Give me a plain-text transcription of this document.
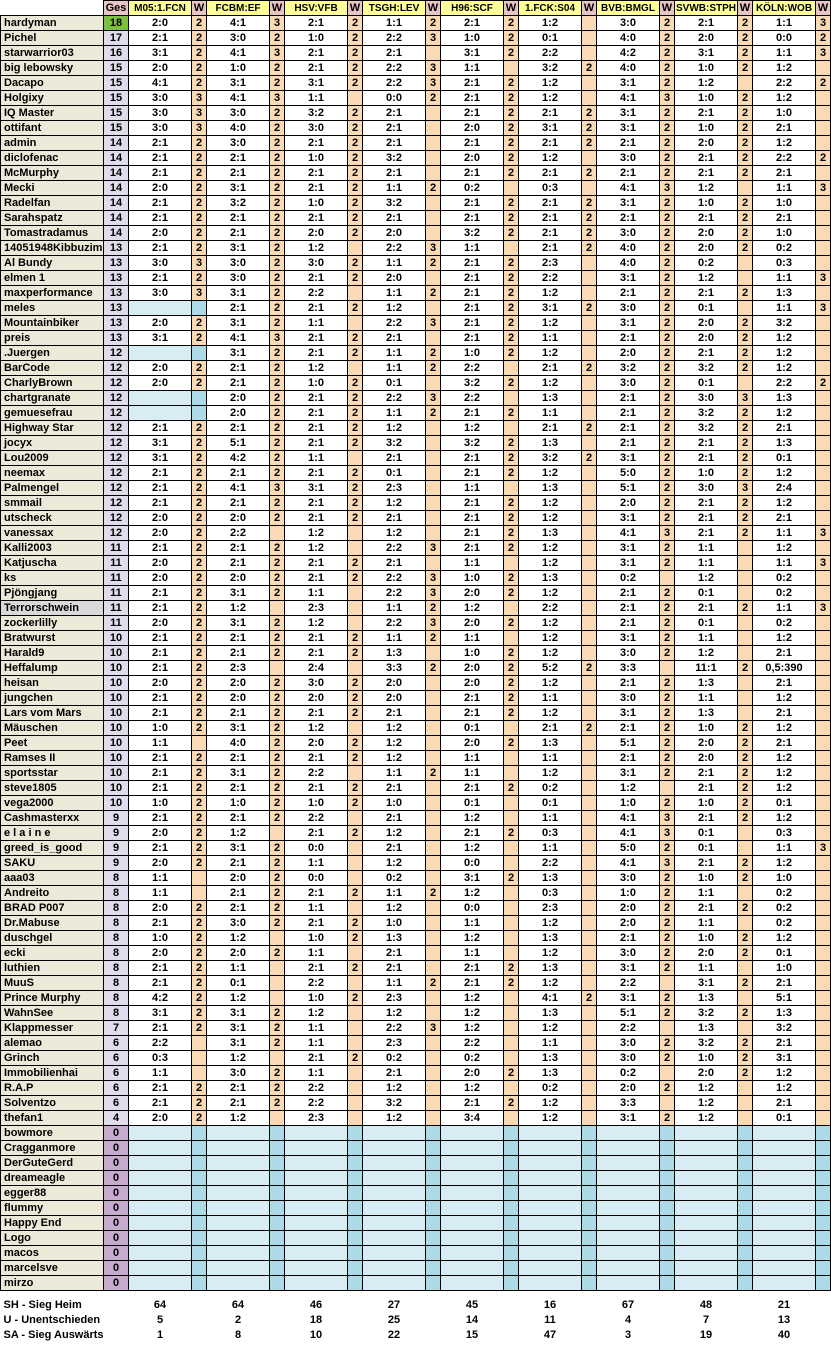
	Ges	M05:1.FCN	W	FCBM:EF	W	HSV:VFB	W	TSGH:LEV	W	H96:SCF	W	1.FCK:S04	W	BVB:BMGL	W	SVWB:STPH	W	KÖLN:WOB	W
hardyman	18	2:0	2	4:1	3	2:1	2	1:1	2	2:1	2	1:2		3:0	2	2:1	2	1:1	3
Pichel	17	2:1	2	3:0	2	1:0	2	2:2	3	1:0	2	0:1		4:0	2	2:0	2	0:0	2
starwarrior03	16	3:1	2	4:1	3	2:1	2	2:1		3:1	2	2:2		4:2	2	3:1	2	1:1	3
big lebowsky	15	2:0	2	1:0	2	2:1	2	2:2	3	1:1		3:2	2	4:0	2	1:0	2	1:2	
Dacapo	15	4:1	2	3:1	2	3:1	2	2:2	3	2:1	2	1:2		3:1	2	1:2		2:2	2
Holgixy	15	3:0	3	4:1	3	1:1		0:0	2	2:1	2	1:2		4:1	3	1:0	2	1:2	
IQ Master	15	3:0	3	3:0	2	3:2	2	2:1		2:1	2	2:1	2	3:1	2	2:1	2	1:0	
ottifant	15	3:0	3	4:0	2	3:0	2	2:1		2:0	2	3:1	2	3:1	2	1:0	2	2:1	
admin	14	2:1	2	3:0	2	2:1	2	2:1		2:1	2	2:1	2	2:1	2	2:0	2	1:2	
diclofenac	14	2:1	2	2:1	2	1:0	2	3:2		2:0	2	1:2		3:0	2	2:1	2	2:2	2
McMurphy	14	2:1	2	2:1	2	2:1	2	2:1		2:1	2	2:1	2	2:1	2	2:1	2	2:1	
Mecki	14	2:0	2	3:1	2	2:1	2	1:1	2	0:2		0:3		4:1	3	1:2		1:1	3
Radelfan	14	2:1	2	3:2	2	1:0	2	3:2		2:1	2	2:1	2	3:1	2	1:0	2	1:0	
Sarahspatz	14	2:1	2	2:1	2	2:1	2	2:1		2:1	2	2:1	2	2:1	2	2:1	2	2:1	
Tomastradamus	14	2:0	2	2:1	2	2:0	2	2:0		3:2	2	2:1	2	3:0	2	2:0	2	1:0	
14051948Kibbuzim	13	2:1	2	3:1	2	1:2		2:2	3	1:1		2:1	2	4:0	2	2:0	2	0:2	
Al Bundy	13	3:0	3	3:0	2	3:0	2	1:1	2	2:1	2	2:3		4:0	2	0:2		0:3	
elmen 1	13	2:1	2	3:0	2	2:1	2	2:0		2:1	2	2:2		3:1	2	1:2		1:1	3
maxperformance	13	3:0	3	3:1	2	2:2		1:1	2	2:1	2	1:2		2:1	2	2:1	2	1:3	
meles	13			2:1	2	2:1	2	1:2		2:1	2	3:1	2	3:0	2	0:1		1:1	3
Mountainbiker	13	2:0	2	3:1	2	1:1		2:2	3	2:1	2	1:2		3:1	2	2:0	2	3:2	
preis	13	3:1	2	4:1	3	2:1	2	2:1		2:1	2	1:1		2:1	2	2:0	2	1:2	
.Juergen	12			3:1	2	2:1	2	1:1	2	1:0	2	1:2		2:0	2	2:1	2	1:2	
BarCode	12	2:0	2	2:1	2	1:2		1:1	2	2:2		2:1	2	3:2	2	3:2	2	1:2	
CharlyBrown	12	2:0	2	2:1	2	1:0	2	0:1		3:2	2	1:2		3:0	2	0:1		2:2	2
chartgranate	12			2:0	2	2:1	2	2:2	3	2:2		1:3		2:1	2	3:0	3	1:3	
gemuesefrau	12			2:0	2	2:1	2	1:1	2	2:1	2	1:1		2:1	2	3:2	2	1:2	
Highway Star	12	2:1	2	2:1	2	2:1	2	1:2		1:2		2:1	2	2:1	2	3:2	2	2:1	
jocyx	12	3:1	2	5:1	2	2:1	2	3:2		3:2	2	1:3		2:1	2	2:1	2	1:3	
Lou2009	12	3:1	2	4:2	2	1:1		2:1		2:1	2	3:2	2	3:1	2	2:1	2	0:1	
neemax	12	2:1	2	2:1	2	2:1	2	0:1		2:1	2	1:2		5:0	2	1:0	2	1:2	
Palmengel	12	2:1	2	4:1	3	3:1	2	2:3		1:1		1:3		5:1	2	3:0	3	2:4	
smmail	12	2:1	2	2:1	2	2:1	2	1:2		2:1	2	1:2		2:0	2	2:1	2	1:2	
utscheck	12	2:0	2	2:0	2	2:1	2	2:1		2:1	2	1:2		3:1	2	2:1	2	2:1	
vanessax	12	2:0	2	2:2		1:2		1:2		2:1	2	1:3		4:1	3	2:1	2	1:1	3
Kalli2003	11	2:1	2	2:1	2	1:2		2:2	3	2:1	2	1:2		3:1	2	1:1		1:2	
Katjuscha	11	2:0	2	2:1	2	2:1	2	2:1		1:1		1:2		3:1	2	1:1		1:1	3
ks	11	2:0	2	2:0	2	2:1	2	2:2	3	1:0	2	1:3		0:2		1:2		0:2	
Pjöngjang	11	2:1	2	3:1	2	1:1		2:2	3	2:0	2	1:2		2:1	2	0:1		0:2	
Terrorschwein	11	2:1	2	1:2		2:3		1:1	2	1:2		2:2		2:1	2	2:1	2	1:1	3
zockerlilly	11	2:0	2	3:1	2	1:2		2:2	3	2:0	2	1:2		2:1	2	0:1		0:2	
Bratwurst	10	2:1	2	2:1	2	2:1	2	1:1	2	1:1		1:2		3:1	2	1:1		1:2	
Harald9	10	2:1	2	2:1	2	2:1	2	1:3		1:0	2	1:2		3:0	2	1:2		2:1	
Heffalump	10	2:1	2	2:3		2:4		3:3	2	2:0	2	5:2	2	3:3		11:1	2	0,5:390	
heisan	10	2:0	2	2:0	2	3:0	2	2:0		2:0	2	1:2		2:1	2	1:3		2:1	
jungchen	10	2:1	2	2:0	2	2:0	2	2:0		2:1	2	1:1		3:0	2	1:1		1:2	
Lars vom Mars	10	2:1	2	2:1	2	2:1	2	2:1		2:1	2	1:2		3:1	2	1:3		2:1	
Mäuschen	10	1:0	2	3:1	2	1:2		1:2		0:1		2:1	2	2:1	2	1:0	2	1:2	
Peet	10	1:1		4:0	2	2:0	2	1:2		2:0	2	1:3		5:1	2	2:0	2	2:1	
Ramses II	10	2:1	2	2:1	2	2:1	2	1:2		1:1		1:1		2:1	2	2:0	2	1:2	
sportsstar	10	2:1	2	3:1	2	2:2		1:1	2	1:1		1:2		3:1	2	2:1	2	1:2	
steve1805	10	2:1	2	2:1	2	2:1	2	2:1		2:1	2	0:2		1:2		2:1	2	1:2	
vega2000	10	1:0	2	1:0	2	1:0	2	1:0		0:1		0:1		1:0	2	1:0	2	0:1	
Cashmasterxx	9	2:1	2	2:1	2	2:2		2:1		1:2		1:1		4:1	3	2:1	2	1:2	
e l a i n e	9	2:0	2	1:2		2:1	2	1:2		2:1	2	0:3		4:1	3	0:1		0:3	
greed_is_good	9	2:1	2	3:1	2	0:0		2:1		1:2		1:1		5:0	2	0:1		1:1	3
SAKU	9	2:0	2	2:1	2	1:1		1:2		0:0		2:2		4:1	3	2:1	2	1:2	
aaa03	8	1:1		2:0	2	0:0		0:2		3:1	2	1:3		3:0	2	1:0	2	1:0	
Andreito	8	1:1		2:1	2	2:1	2	1:1	2	1:2		0:3		1:0	2	1:1		0:2	
BRAD P007	8	2:0	2	2:1	2	1:1		1:2		0:0		2:3		2:0	2	2:1	2	0:2	
Dr.Mabuse	8	2:1	2	3:0	2	2:1	2	1:0		1:1		1:2		2:0	2	1:1		0:2	
duschgel	8	1:0	2	1:2		1:0	2	1:3		1:2		1:3		2:1	2	1:0	2	1:2	
ecki	8	2:0	2	2:0	2	1:1		2:1		1:1		1:2		3:0	2	2:0	2	0:1	
luthien	8	2:1	2	1:1		2:1	2	2:1		2:1	2	1:3		3:1	2	1:1		1:0	
MuuS	8	2:1	2	0:1		2:2		1:1	2	2:1	2	1:2		2:2		3:1	2	2:1	
Prince Murphy	8	4:2	2	1:2		1:0	2	2:3		1:2		4:1	2	3:1	2	1:3		5:1	
WahnSee	8	3:1	2	3:1	2	1:2		1:2		1:2		1:3		5:1	2	3:2	2	1:3	
Klappmesser	7	2:1	2	3:1	2	1:1		2:2	3	1:2		1:2		2:2		1:3		3:2	
alemao	6	2:2		3:1	2	1:1		2:3		2:2		1:1		3:0	2	3:2	2	2:1	
Grinch	6	0:3		1:2		2:1	2	0:2		0:2		1:3		3:0	2	1:0	2	3:1	
Immobilienhai	6	1:1		3:0	2	1:1		2:1		2:0	2	1:3		0:2		2:0	2	1:2	
R.A.P	6	2:1	2	2:1	2	2:2		1:2		1:2		0:2		2:0	2	1:2		1:2	
Solventzo	6	2:1	2	2:1	2	2:2		3:2		2:1	2	1:2		3:3		1:2		2:1	
thefan1	4	2:0	2	1:2		2:3		1:2		3:4		1:2		3:1	2	1:2		0:1	
bowmore	0																		
Cragganmore	0																		
DerGuteGerd	0																		
dreameagle	0																		
egger88	0																		
flummy	0																		
Happy End	0																		
Logo	0																		
macos	0																		
marcelsve	0																		
mirzo	0																		

SH - Sieg Heim		64		64		46		27		45		16		67		48		21	
U - Unentschieden		5		2		18		25		14		11		4		7		13	
SA - Sieg Auswärts		1		8		10		22		15		47		3		19		40	
